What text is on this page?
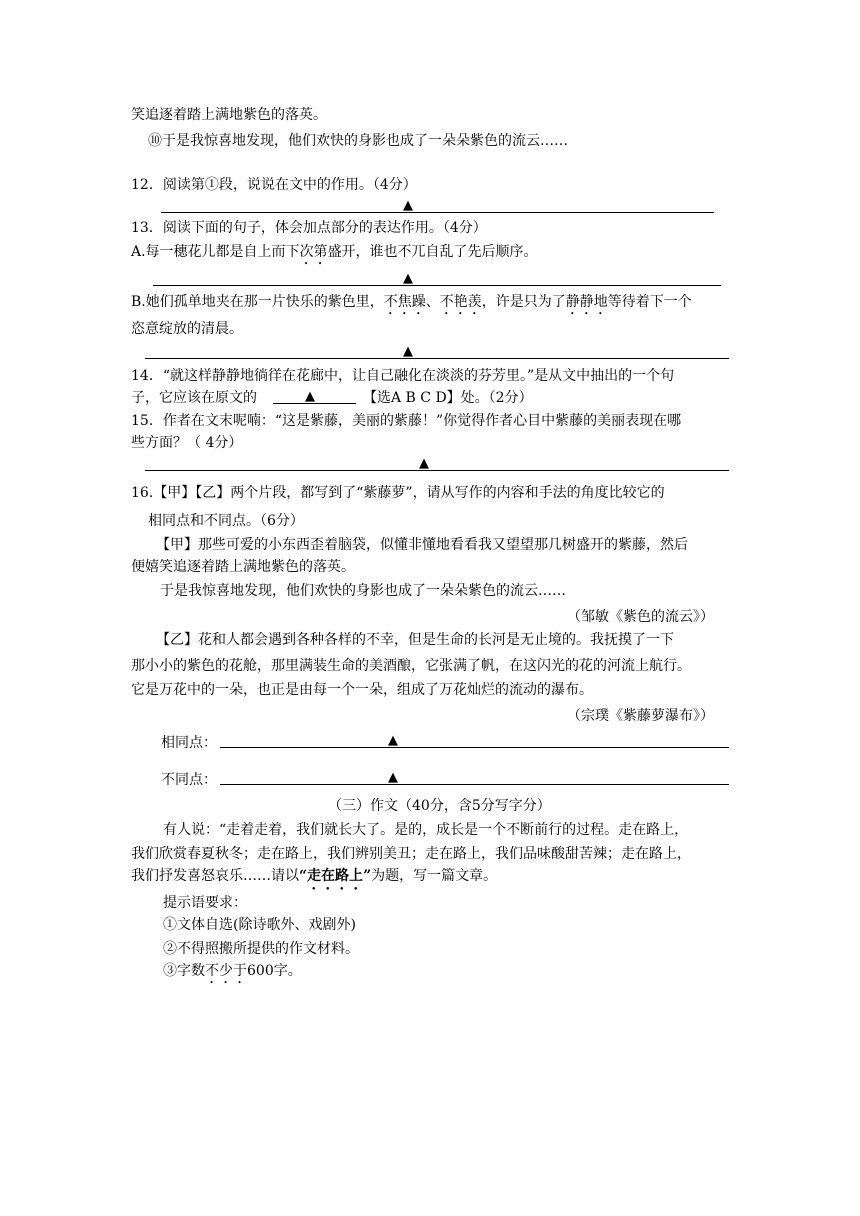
笑追逐着踏上满地紫色的落英。
⑩于是我惊喜地发现，他们欢快的身影也成了一朵朵紫色的流云……
12．阅读第①段，说说在文中的作用。（4分）
▲
13．阅读下面的句子，体会加点部分的表达作用。（4分）
A.每一穗花儿都是自上而下次第盛开，谁也不兀自乱了先后顺序。
▲
B.她们孤单地夹在那一片快乐的紫色里，不焦躁、不艳羡，许是只为了静静地等待着下一个
恣意绽放的清晨。
▲
14．“就这样静静地徜徉在花廊中，让自己融化在淡淡的芬芳里。”是从文中抽出的一个句
子，它应该在原文的	▲	【选A B C D】处。（2分）
15．作者在文末呢喃：“这是紫藤，美丽的紫藤！”你觉得作者心目中紫藤的美丽表现在哪
些方面？（ 4分）
▲
16.【甲】【乙】两个片段，都写到了“紫藤萝”，请从写作的内容和手法的角度比较它的
相同点和不同点。（6分）
【甲】那些可爱的小东西歪着脑袋，似懂非懂地看看我又望望那几树盛开的紫藤，然后
便嬉笑追逐着踏上满地紫色的落英。
于是我惊喜地发现，他们欢快的身影也成了一朵朵紫色的流云……
（邹敏《紫色的流云》）
【乙】花和人都会遇到各种各样的不幸，但是生命的长河是无止境的。我抚摸了一下
那小小的紫色的花舱，那里满装生命的美酒酿，它张满了帆，在这闪光的花的河流上航行。
它是万花中的一朵，也正是由每一个一朵，组成了万花灿烂的流动的瀑布。
（宗璞《紫藤萝瀑布》）
相同点：	▲
不同点：	▲
（三）作文（40分，含5分写字分）
有人说：“走着走着，我们就长大了。是的，成长是一个不断前行的过程。走在路上，
我们欣赏春夏秋冬；走在路上，我们辨别美丑；走在路上，我们品味酸甜苦辣；走在路上，
我们抒发喜怒哀乐……请以“走在路上”为题，写一篇文章。
提示语要求：
①文体自选(除诗歌外、戏剧外)
②不得照搬所提供的作文材料。
③字数不少于600字。
